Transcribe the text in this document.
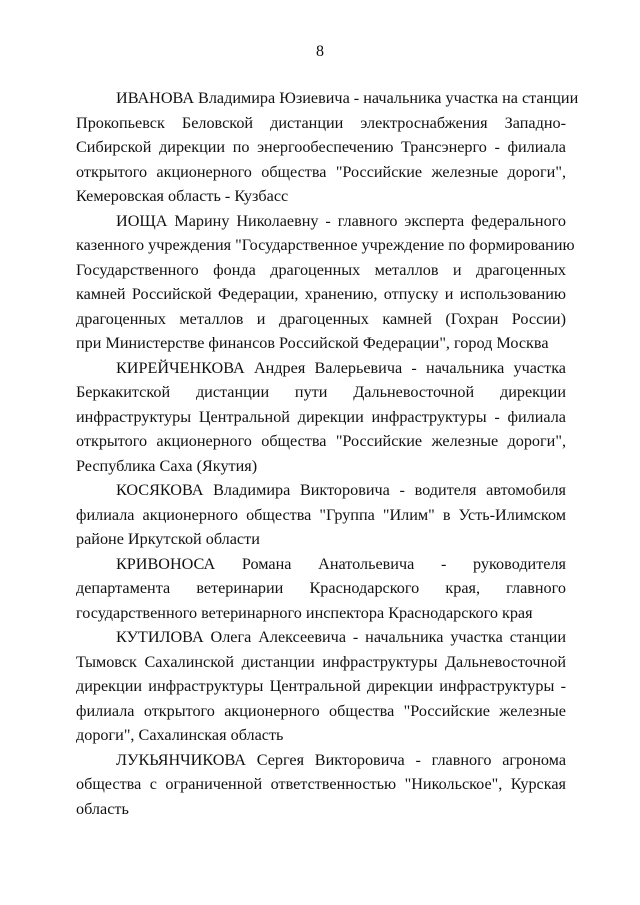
8
ИВАНОВА Владимира Юзиевича - начальника участка на станции
Прокопьевск Беловской дистанции электроснабжения Западно-
Сибирской дирекции по энергообеспечению Трансэнерго - филиала
открытого акционерного общества "Российские железные дороги",
Кемеровская область - Кузбасс
ИОЩА Марину Николаевну - главного эксперта федерального
казенного учреждения "Государственное учреждение по формированию
Государственного фонда драгоценных металлов и драгоценных
камней Российской Федерации, хранению, отпуску и использованию
драгоценных металлов и драгоценных камней (Гохран России)
при Министерстве финансов Российской Федерации", город Москва
КИРЕЙЧЕНКОВА Андрея Валерьевича - начальника участка
Беркакитской дистанции пути Дальневосточной дирекции
инфраструктуры Центральной дирекции инфраструктуры - филиала
открытого акционерного общества "Российские железные дороги",
Республика Саха (Якутия)
КОСЯКОВА Владимира Викторовича - водителя автомобиля
филиала акционерного общества "Группа "Илим" в Усть-Илимском
районе Иркутской области
КРИВОНОСА Романа Анатольевича - руководителя
департамента ветеринарии Краснодарского края, главного
государственного ветеринарного инспектора Краснодарского края
КУТИЛОВА Олега Алексеевича - начальника участка станции
Тымовск Сахалинской дистанции инфраструктуры Дальневосточной
дирекции инфраструктуры Центральной дирекции инфраструктуры -
филиала открытого акционерного общества "Российские железные
дороги", Сахалинская область
ЛУКЬЯНЧИКОВА Сергея Викторовича - главного агронома
общества с ограниченной ответственностью "Никольское", Курская
область
